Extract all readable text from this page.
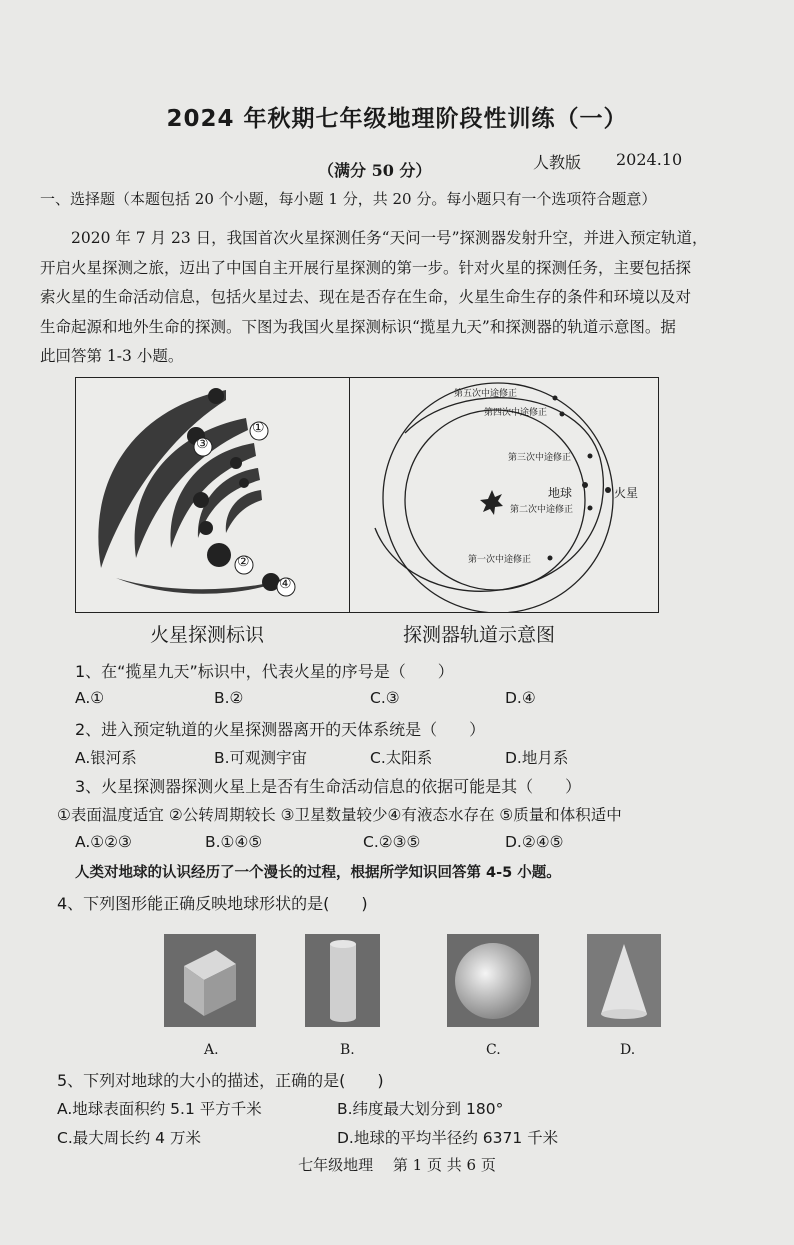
2024 年秋期七年级地理阶段性训练（一）
（满分 50 分）	人教版 2024.10
一、选择题（本题包括 20 个小题，每小题 1 分，共 20 分。每小题只有一个选项符合题意）
2020 年 7 月 23 日，我国首次火星探测任务“天问一号”探测器发射升空，并进入预定轨道，
开启火星探测之旅，迈出了中国自主开展行星探测的第一步。针对火星的探测任务，主要包括探
索火星的生命活动信息，包括火星过去、现在是否存在生命，火星生命生存的条件和环境以及对
生命起源和地外生命的探测。下图为我国火星探测标识“揽星九天”和探测器的轨道示意图。据
此回答第 1-3 小题。
①
②
③
④
第五次中途修正
第四次中途修正
第三次中途修正
地球	火星
第二次中途修正
第一次中途修正
火星探测标识	探测器轨道示意图
1、在“揽星九天”标识中，代表火星的序号是（　　）
A.①	B.②	C.③	D.④
2、进入预定轨道的火星探测器离开的天体系统是（　　）
A.银河系	B.可观测宇宙	C.太阳系	D.地月系
3、火星探测器探测火星上是否有生命活动信息的依据可能是其（　　）
①表面温度适宜 ②公转周期较长 ③卫星数量较少④有液态水存在 ⑤质量和体积适中
A.①②③	B.①④⑤	C.②③⑤	D.②④⑤
人类对地球的认识经历了一个漫长的过程，根据所学知识回答第 4-5 小题。
4、下列图形能正确反映地球形状的是(　　)
A.	B.	C.	D.
5、下列对地球的大小的描述，正确的是(　　)
A.地球表面积约 5.1 平方千米	B.纬度最大划分到 180°
C.最大周长约 4 万米	D.地球的平均半径约 6371 千米
七年级地理　 第 1 页 共 6 页
